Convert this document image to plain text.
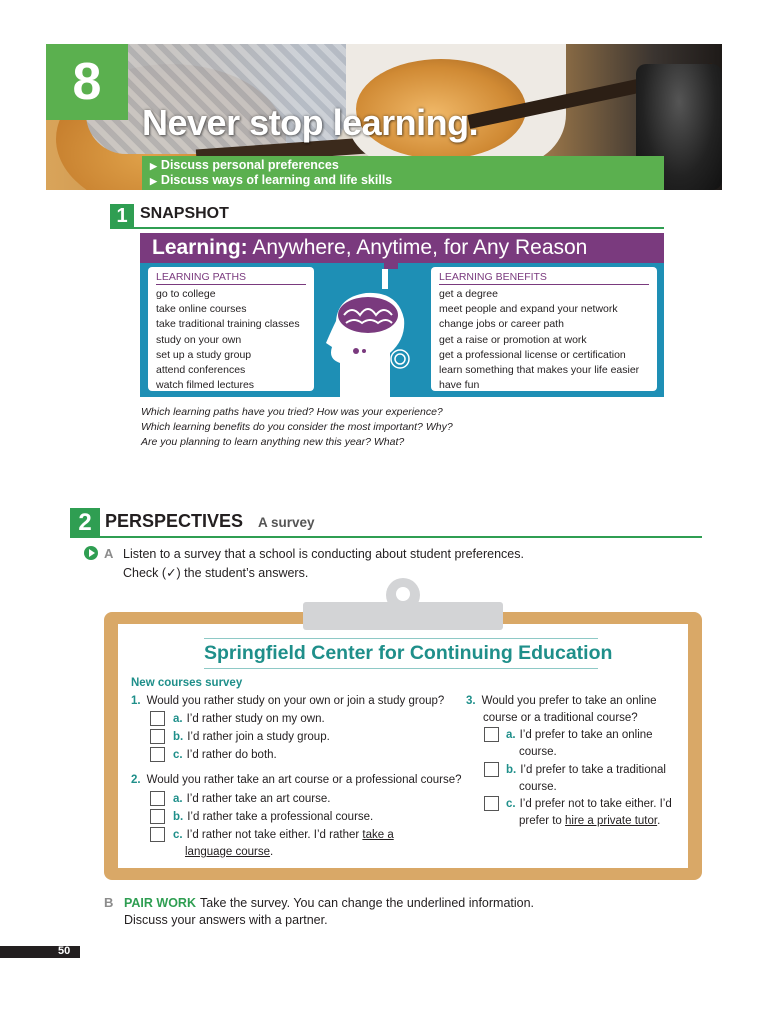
8
Never stop learning.
▶ Discuss personal preferences
▶ Discuss ways of learning and life skills
1 SNAPSHOT
Learning: Anywhere, Anytime, for Any Reason
LEARNING PATHS
go to college
take online courses
take traditional training classes
study on your own
set up a study group
attend conferences
watch filmed lectures
LEARNING BENEFITS
get a degree
meet people and expand your network
change jobs or career path
get a raise or promotion at work
get a professional license or certification
learn something that makes your life easier
have fun
Which learning paths have you tried? How was your experience?
Which learning benefits do you consider the most important? Why?
Are you planning to learn anything new this year? What?
2 PERSPECTIVES A survey
A Listen to a survey that a school is conducting about student preferences.
Check (✓) the student’s answers.
Springfield Center for Continuing Education
New courses survey
1. Would you rather study on your own or join a study group?
a. I’d rather study on my own.
b. I’d rather join a study group.
c. I’d rather do both.
2. Would you rather take an art course or a professional course?
a. I’d rather take an art course.
b. I’d rather take a professional course.
c. I’d rather not take either. I’d rather take a
language course.
3. Would you prefer to take an online
course or a traditional course?
a. I’d prefer to take an online
course.
b. I’d prefer to take a traditional
course.
c. I’d prefer not to take either. I’d
prefer to hire a private tutor.
B PAIR WORK Take the survey. You can change the underlined information.
Discuss your answers with a partner.
50
